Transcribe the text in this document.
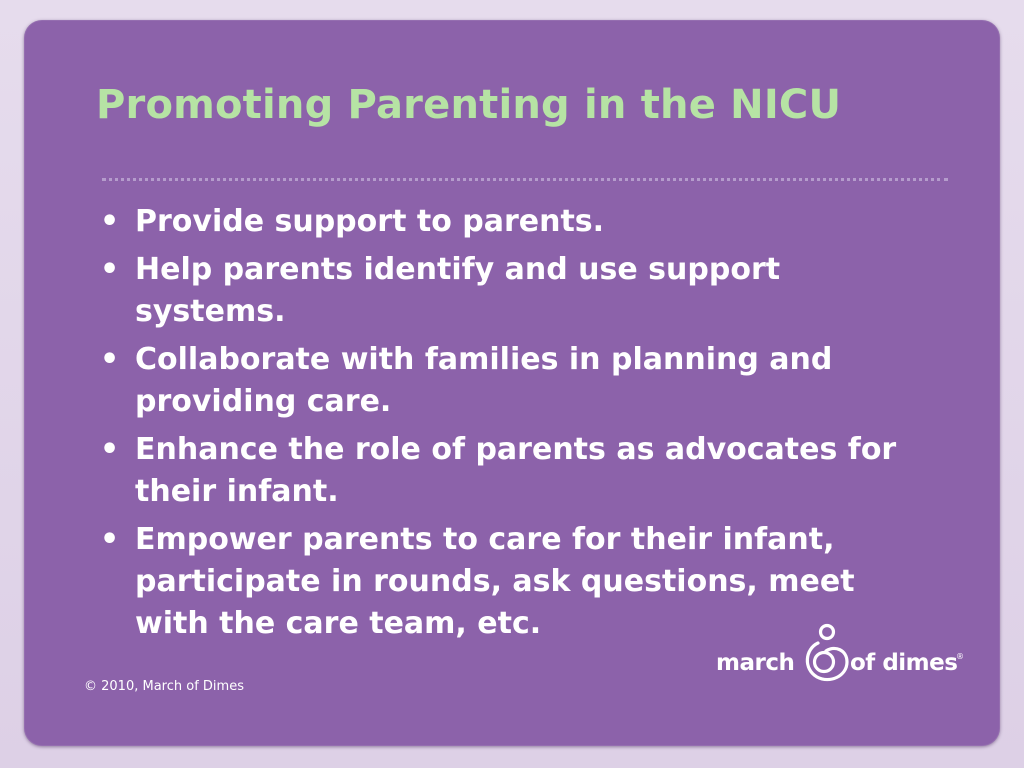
Promoting Parenting in the NICU
• Provide support to parents.
• Help parents identify and use support systems.
• Collaborate with families in planning and providing care.
• Enhance the role of parents as advocates for their infant.
• Empower parents to care for their infant, participate in rounds, ask questions, meet with the care team, etc.
© 2010, March of Dimes
march of dimes
®
